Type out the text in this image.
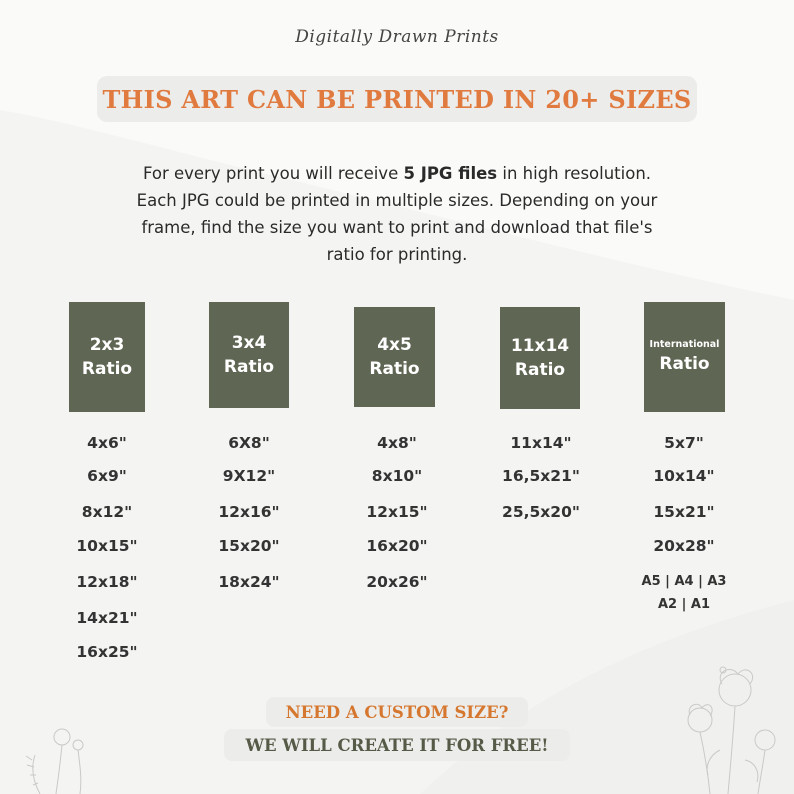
Digitally Drawn Prints
THIS ART CAN BE PRINTED IN 20+ SIZES
For every print you will receive 5 JPG files in high resolution.
Each JPG could be printed in multiple sizes. Depending on your
frame, find the size you want to print and download that file's
ratio for printing.
2x3
Ratio
4x6"
6x9"
8x12"
10x15"
12x18"
14x21"
16x25"
3x4
Ratio
6X8"
9X12"
12x16"
15x20"
18x24"
4x5
Ratio
4x8"
8x10"
12x15"
16x20"
20x26"
11x14
Ratio
11x14"
16,5x21"
25,5x20"
International
Ratio
5x7"
10x14"
15x21"
20x28"
A5 | A4 | A3
A2 | A1
NEED A CUSTOM SIZE?
WE WILL CREATE IT FOR FREE!
